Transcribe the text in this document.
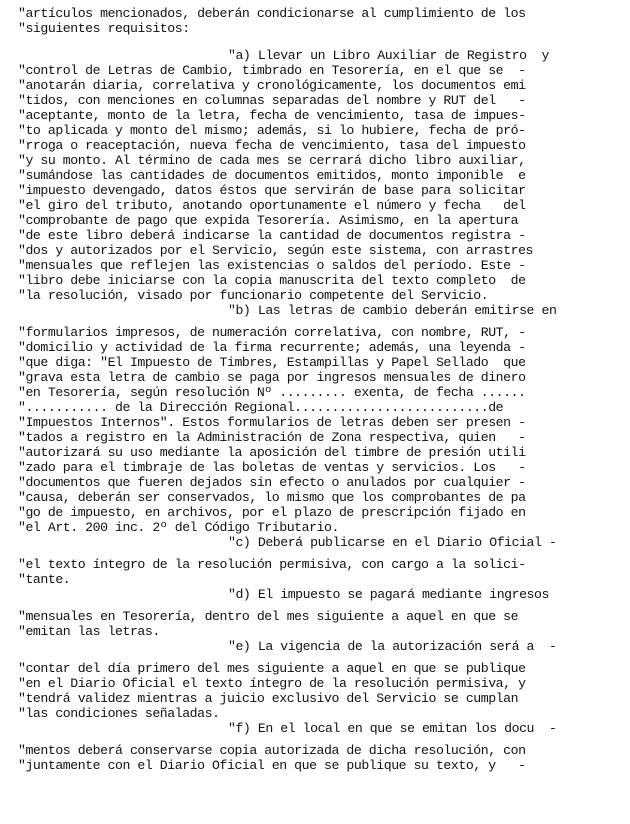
"artículos mencionados, deberán condicionarse al cumplimiento de los
"siguientes requisitos:
"a) Llevar un Libro Auxiliar de Registro  y
"control de Letras de Cambio, timbrado en Tesorería, en el que se  -
"anotarán diaria, correlativa y cronológicamente, los documentos emi
"tidos, con menciones en columnas separadas del nombre y RUT del   -
"aceptante, monto de la letra, fecha de vencimiento, tasa de impues-
"to aplicada y monto del mismo; además, si lo hubiere, fecha de pró-
"rroga o reaceptación, nueva fecha de vencimiento, tasa del impuesto
"y su monto. Al término de cada mes se cerrará dicho libro auxiliar,
"sumándose las cantidades de documentos emitidos, monto imponible  e
"impuesto devengado, datos éstos que servirán de base para solicitar
"el giro del tributo, anotando oportunamente el número y fecha   del
"comprobante de pago que expida Tesorería. Asimismo, en la apertura
"de este libro deberá indicarse la cantidad de documentos registra -
"dos y autorizados por el Servicio, según este sistema, con arrastres
"mensuales que reflejen las existencias o saldos del período. Este -
"libro debe iniciarse con la copia manuscrita del texto completo  de
"la resolución, visado por funcionario competente del Servicio.
"b) Las letras de cambio deberán emitirse en
"formularios impresos, de numeración correlativa, con nombre, RUT, -
"domicilio y actividad de la firma recurrente; además, una leyenda -
"que diga: "El Impuesto de Timbres, Estampillas y Papel Sellado  que
"grava esta letra de cambio se paga por ingresos mensuales de dinero
"en Tesorería, según resolución Nº ......... exenta, de fecha ......
"........... de la Dirección Regional..........................de
"Impuestos Internos". Estos formularios de letras deben ser presen -
"tados a registro en la Administración de Zona respectiva, quien   -
"autorizará su uso mediante la aposición del timbre de presión utili
"zado para el timbraje de las boletas de ventas y servicios. Los   -
"documentos que fueren dejados sin efecto o anulados por cualquier -
"causa, deberán ser conservados, lo mismo que los comprobantes de pa
"go de impuesto, en archivos, por el plazo de prescripción fijado en
"el Art. 200 inc. 2º del Código Tributario.
"c) Deberá publicarse en el Diario Oficial -
"el texto íntegro de la resolución permisiva, con cargo a la solici-
"tante.
"d) El impuesto se pagará mediante ingresos
"mensuales en Tesorería, dentro del mes siguiente a aquel en que se
"emitan las letras.
"e) La vigencia de la autorización será a  -
"contar del día primero del mes siguiente a aquel en que se publique
"en el Diario Oficial el texto íntegro de la resolución permisiva, y
"tendrá validez mientras a juicio exclusivo del Servicio se cumplan
"las condiciones señaladas.
"f) En el local en que se emitan los docu  -
"mentos deberá conservarse copia autorizada de dicha resolución, con
"juntamente con el Diario Oficial en que se publique su texto, y   -
